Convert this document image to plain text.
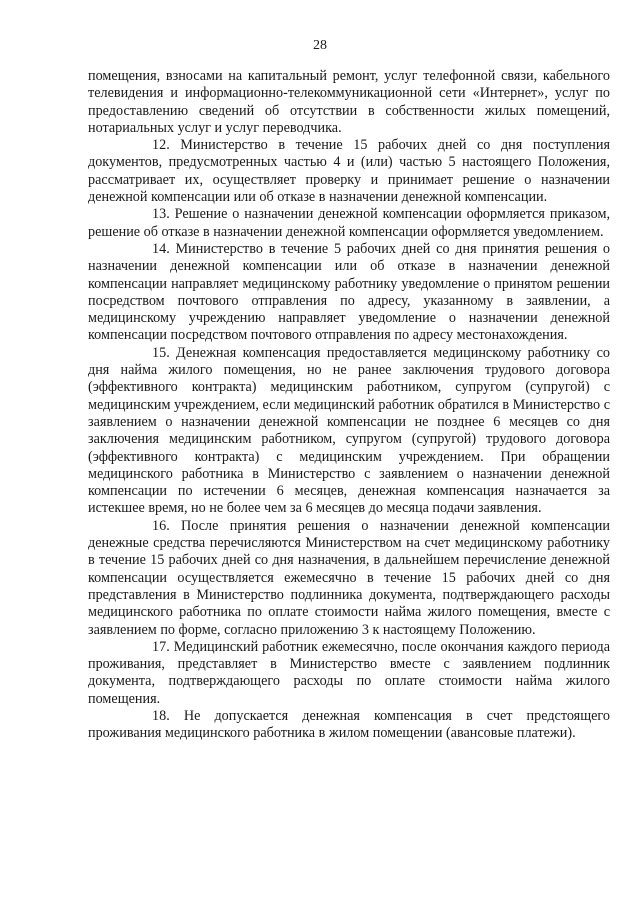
28

помещения, взносами на капитальный ремонт, услуг телефонной связи, кабельного телевидения и информационно-телекоммуникационной сети «Интернет», услуг по предоставлению сведений об отсутствии в собственности жилых помещений, нотариальных услуг и услуг переводчика.

12. Министерство в течение 15 рабочих дней со дня поступления документов, предусмотренных частью 4 и (или) частью 5 настоящего Положения, рассматривает их, осуществляет проверку и принимает решение о назначении денежной компенсации или об отказе в назначении денежной компенсации.

13. Решение о назначении денежной компенсации оформляется приказом, решение об отказе в назначении денежной компенсации оформляется уведомлением.

14. Министерство в течение 5 рабочих дней со дня принятия решения о назначении денежной компенсации или об отказе в назначении денежной компенсации направляет медицинскому работнику уведомление о принятом решении посредством почтового отправления по адресу, указанному в заявлении, а медицинскому учреждению направляет уведомление о назначении денежной компенсации посредством почтового отправления по адресу местонахождения.

15. Денежная компенсация предоставляется медицинскому работнику со дня найма жилого помещения, но не ранее заключения трудового договора (эффективного контракта) медицинским работником, супругом (супругой) с медицинским учреждением, если медицинский работник обратился в Министерство с заявлением о назначении денежной компенсации не позднее 6 месяцев со дня заключения медицинским работником, супругом (супругой) трудового договора (эффективного контракта) с медицинским учреждением. При обращении медицинского работника в Министерство с заявлением о назначении денежной компенсации по истечении 6 месяцев, денежная компенсация назначается за истекшее время, но не более чем за 6 месяцев до месяца подачи заявления.

16. После принятия решения о назначении денежной компенсации денежные средства перечисляются Министерством на счет медицинскому работнику в течение 15 рабочих дней со дня назначения, в дальнейшем перечисление денежной компенсации осуществляется ежемесячно в течение 15 рабочих дней со дня представления в Министерство подлинника документа, подтверждающего расходы медицинского работника по оплате стоимости найма жилого помещения, вместе с заявлением по форме, согласно приложению 3 к настоящему Положению.

17. Медицинский работник ежемесячно, после окончания каждого периода проживания, представляет в Министерство вместе с заявлением подлинник документа, подтверждающего расходы по оплате стоимости найма жилого помещения.

18. Не допускается денежная компенсация в счет предстоящего проживания медицинского работника в жилом помещении (авансовые платежи).
